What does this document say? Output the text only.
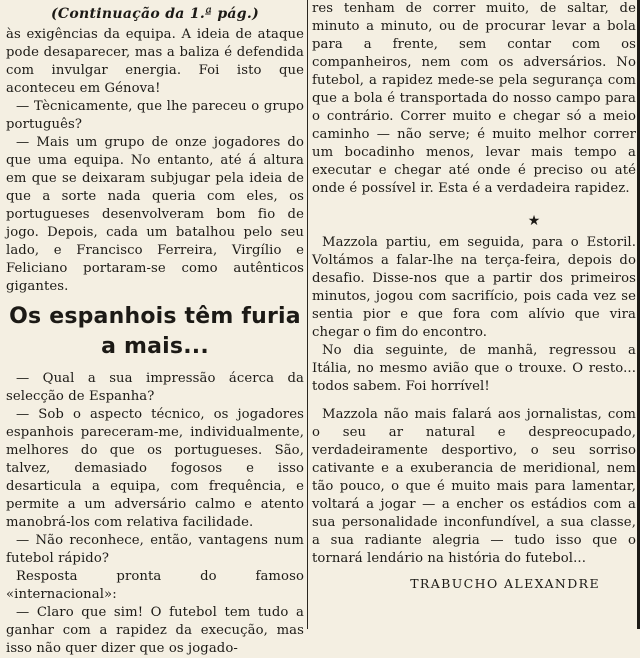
(Continuação da 1.ª pág.)

às exigências da equipa. A ideia de ataque pode desaparecer, mas a baliza é defendida com invulgar energia. Foi isto que aconteceu em Génova!

— Tècnicamente, que lhe pareceu o grupo português?

— Mais um grupo de onze jogadores do que uma equipa. No entanto, até á altura em que se deixaram subjugar pela ideia de que a sorte nada queria com eles, os portugueses desenvolveram bom fio de jogo. Depois, cada um batalhou pelo seu lado, e Francisco Ferreira, Virgílio e Feliciano portaram-se como autênticos gigantes.

Os espanhois têm furia a mais...

— Qual a sua impressão ácerca da selecção de Espanha?

— Sob o aspecto técnico, os jogadores espanhois pareceram-me, individualmente, melhores do que os portugueses. São, talvez, demasiado fogosos e isso desarticula a equipa, com frequência, e permite a um adversário calmo e atento manobrá-los com relativa facilidade.

— Não reconhece, então, vantagens num futebol rápido?

Resposta pronta do famoso «internacional»:

— Claro que sim! O futebol tem tudo a ganhar com a rapidez da execução, mas isso não quer dizer que os jogado-

res tenham de correr muito, de saltar, de minuto a minuto, ou de procurar levar a bola para a frente, sem contar com os companheiros, nem com os adversários. No futebol, a rapidez mede-se pela segurança com que a bola é transportada do nosso campo para o contrário. Correr muito e chegar só a meio caminho — não serve; é muito melhor correr um bocadinho menos, levar mais tempo a executar e chegar até onde é preciso ou até onde é possível ir. Esta é a verdadeira rapidez.

★

Mazzola partiu, em seguida, para o Estoril. Voltámos a falar-lhe na terça-feira, depois do desafio. Disse-nos que a partir dos primeiros minutos, jogou com sacrifício, pois cada vez se sentia pior e que fora com alívio que vira chegar o fim do encontro.

No dia seguinte, de manhã, regressou a Itália, no mesmo avião que o trouxe. O resto... todos sabem. Foi horrível!

Mazzola não mais falará aos jornalistas, com o seu ar natural e despreocupado, verdadeiramente desportivo, o seu sorriso cativante e a exuberancia de meridional, nem tão pouco, o que é muito mais para lamentar, voltará a jogar — a encher os estádios com a sua personalidade inconfundível, a sua classe, a sua radiante alegria — tudo isso que o tornará lendário na história do futebol...

TRABUCHO ALEXANDRE
